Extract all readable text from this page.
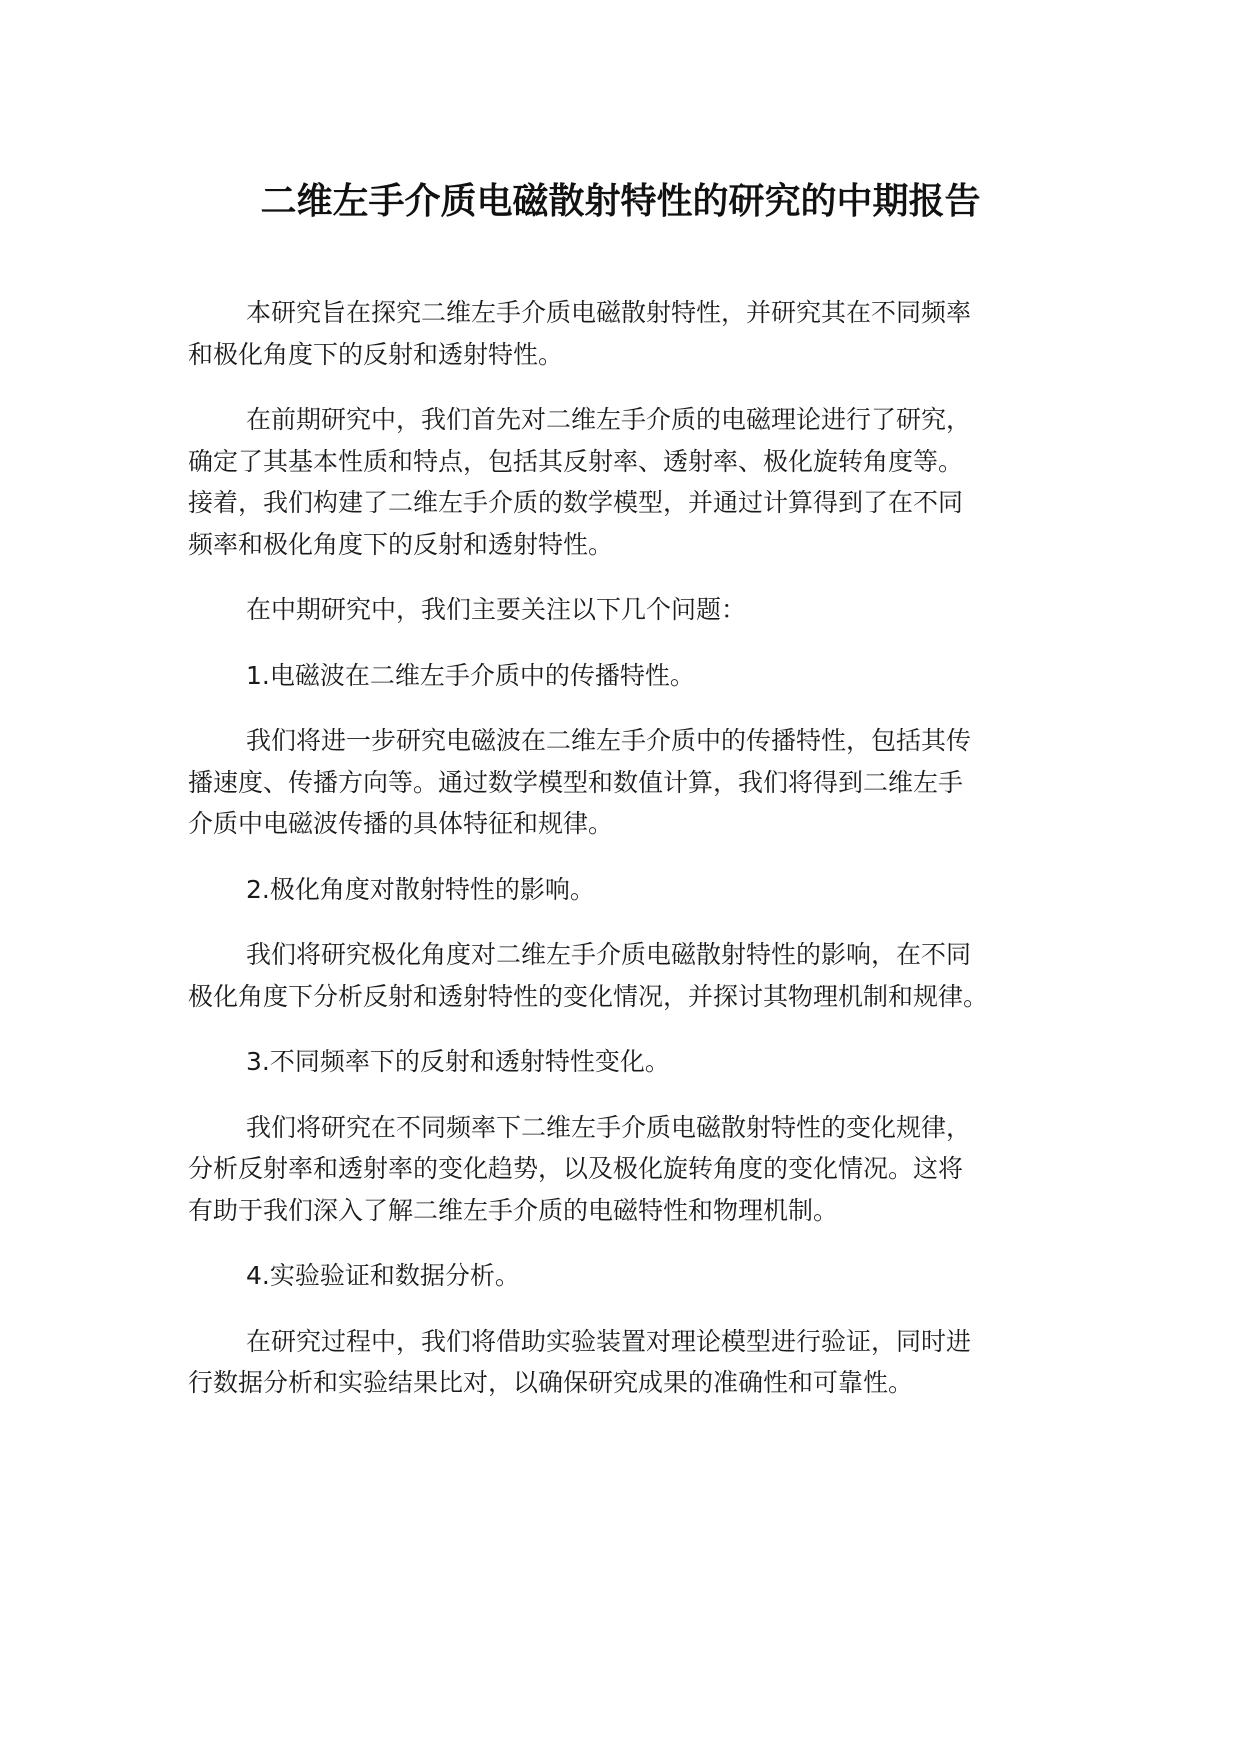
二维左手介质电磁散射特性的研究的中期报告

本研究旨在探究二维左手介质电磁散射特性，并研究其在不同频率
和极化角度下的反射和透射特性。

在前期研究中，我们首先对二维左手介质的电磁理论进行了研究，
确定了其基本性质和特点，包括其反射率、透射率、极化旋转角度等。
接着，我们构建了二维左手介质的数学模型，并通过计算得到了在不同
频率和极化角度下的反射和透射特性。

在中期研究中，我们主要关注以下几个问题：

1.电磁波在二维左手介质中的传播特性。

我们将进一步研究电磁波在二维左手介质中的传播特性，包括其传
播速度、传播方向等。通过数学模型和数值计算，我们将得到二维左手
介质中电磁波传播的具体特征和规律。

2.极化角度对散射特性的影响。

我们将研究极化角度对二维左手介质电磁散射特性的影响，在不同
极化角度下分析反射和透射特性的变化情况，并探讨其物理机制和规律。

3.不同频率下的反射和透射特性变化。

我们将研究在不同频率下二维左手介质电磁散射特性的变化规律，
分析反射率和透射率的变化趋势，以及极化旋转角度的变化情况。这将
有助于我们深入了解二维左手介质的电磁特性和物理机制。

4.实验验证和数据分析。

在研究过程中，我们将借助实验装置对理论模型进行验证，同时进
行数据分析和实验结果比对，以确保研究成果的准确性和可靠性。
